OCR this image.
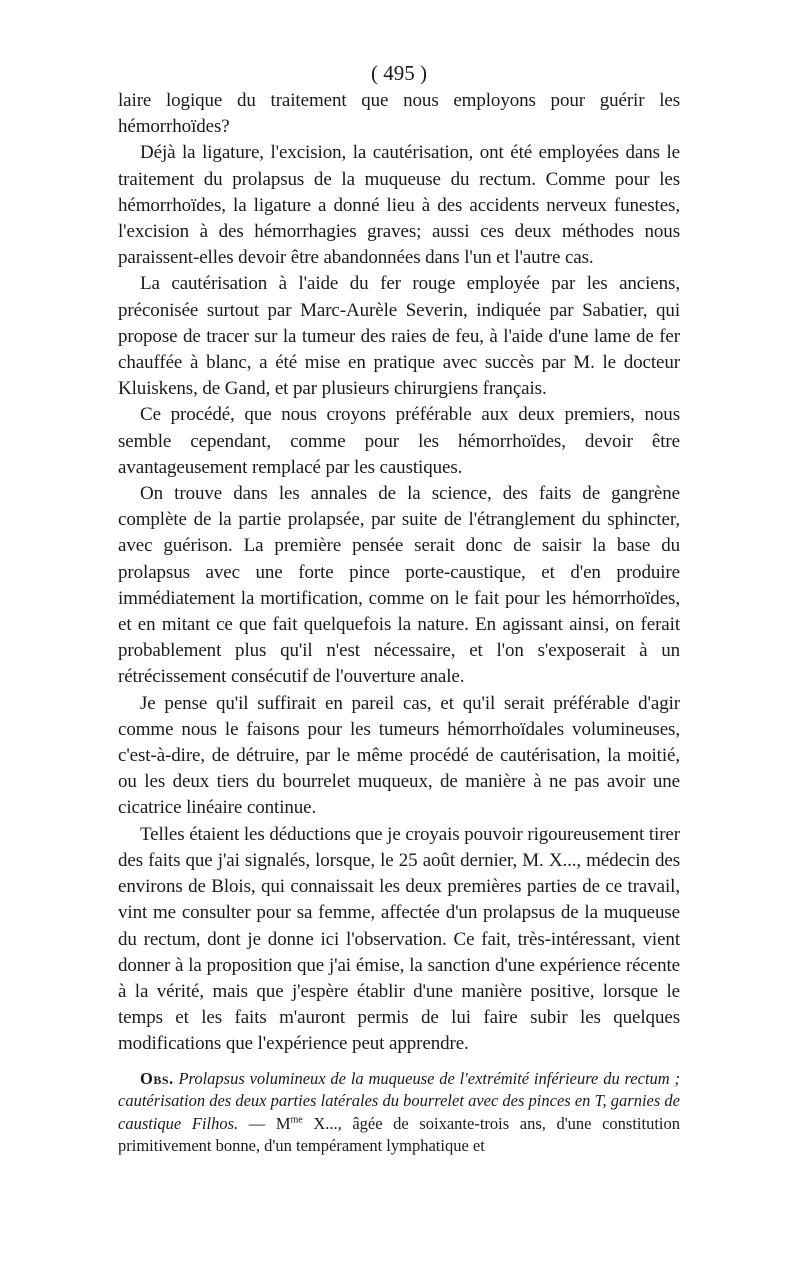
( 495 )

laire logique du traitement que nous employons pour guérir les hémorrhoïdes?

Déjà la ligature, l'excision, la cautérisation, ont été employées dans le traitement du prolapsus de la muqueuse du rectum. Comme pour les hémorrhoïdes, la ligature a donné lieu à des accidents nerveux funestes, l'excision à des hémorrhagies graves; aussi ces deux méthodes nous paraissent-elles devoir être abandonnées dans l'un et l'autre cas.

La cautérisation à l'aide du fer rouge employée par les anciens, préconisée surtout par Marc-Aurèle Severin, indiquée par Sabatier, qui propose de tracer sur la tumeur des raies de feu, à l'aide d'une lame de fer chauffée à blanc, a été mise en pratique avec succès par M. le docteur Kluiskens, de Gand, et par plusieurs chirurgiens français.

Ce procédé, que nous croyons préférable aux deux premiers, nous semble cependant, comme pour les hémorrhoïdes, devoir être avantageusement remplacé par les caustiques.

On trouve dans les annales de la science, des faits de gangrène complète de la partie prolapsée, par suite de l'étranglement du sphincter, avec guérison. La première pensée serait donc de saisir la base du prolapsus avec une forte pince porte-caustique, et d'en produire immédiatement la mortification, comme on le fait pour les hémorrhoïdes, et en mitant ce que fait quelquefois la nature. En agissant ainsi, on ferait probablement plus qu'il n'est nécessaire, et l'on s'exposerait à un rétrécissement consécutif de l'ouverture anale.

Je pense qu'il suffirait en pareil cas, et qu'il serait préférable d'agir comme nous le faisons pour les tumeurs hémorrhoïdales volumineuses, c'est-à-dire, de détruire, par le même procédé de cautérisation, la moitié, ou les deux tiers du bourrelet muqueux, de manière à ne pas avoir une cicatrice linéaire continue.

Telles étaient les déductions que je croyais pouvoir rigoureusement tirer des faits que j'ai signalés, lorsque, le 25 août dernier, M. X..., médecin des environs de Blois, qui connaissait les deux premières parties de ce travail, vint me consulter pour sa femme, affectée d'un prolapsus de la muqueuse du rectum, dont je donne ici l'observation. Ce fait, très-intéressant, vient donner à la proposition que j'ai émise, la sanction d'une expérience récente à la vérité, mais que j'espère établir d'une manière positive, lorsque le temps et les faits m'auront permis de lui faire subir les quelques modifications que l'expérience peut apprendre.

Obs. Prolapsus volumineux de la muqueuse de l'extrémité inférieure du rectum ; cautérisation des deux parties latérales du bourrelet avec des pinces en T, garnies de caustique Filhos. — $M^{me}$ X..., âgée de soixante-trois ans, d'une constitution primitivement bonne, d'un tempérament lymphatique et
